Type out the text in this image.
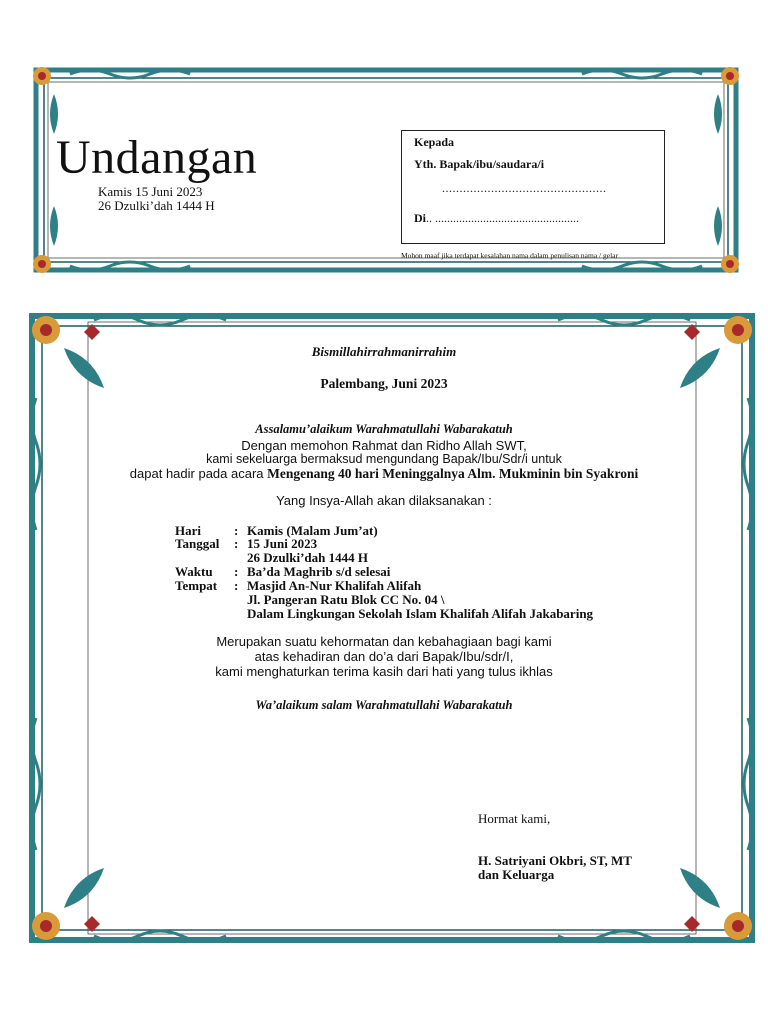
Undangan
Kamis 15 Juni 2023
26 Dzulki’dah 1444 H
Kepada
Yth. Bapak/ibu/saudara/i
...............................................
Di.. ................................................
Mohon maaf jika terdapat kesalahan nama dalam penulisan nama / gelar
Bismillahirrahmanirrahim
Palembang, Juni 2023
Assalamu’alaikum Warahmatullahi Wabarakatuh
Dengan memohon Rahmat dan Ridho Allah SWT,
kami sekeluarga bermaksud mengundang Bapak/Ibu/Sdr/i untuk
dapat hadir pada acara Mengenang 40 hari Meninggalnya Alm. Mukminin bin Syakroni
Yang Insya-Allah akan dilaksanakan :
Hari	: Kamis (Malam Jum’at)
Tanggal : 15 Juni 2023
26 Dzulki’dah 1444 H
Waktu : Ba’da Maghrib s/d selesai
Tempat : Masjid An-Nur Khalifah Alifah
Jl. Pangeran Ratu Blok CC No. 04 \
Dalam Lingkungan Sekolah Islam Khalifah Alifah Jakabaring
Merupakan suatu kehormatan dan kebahagiaan bagi kami
atas kehadiran dan do’a dari Bapak/Ibu/sdr/I,
kami menghaturkan terima kasih dari hati yang tulus ikhlas
Wa’alaikum salam Warahmatullahi Wabarakatuh
Hormat kami,
H. Satriyani Okbri, ST, MT
dan Keluarga
